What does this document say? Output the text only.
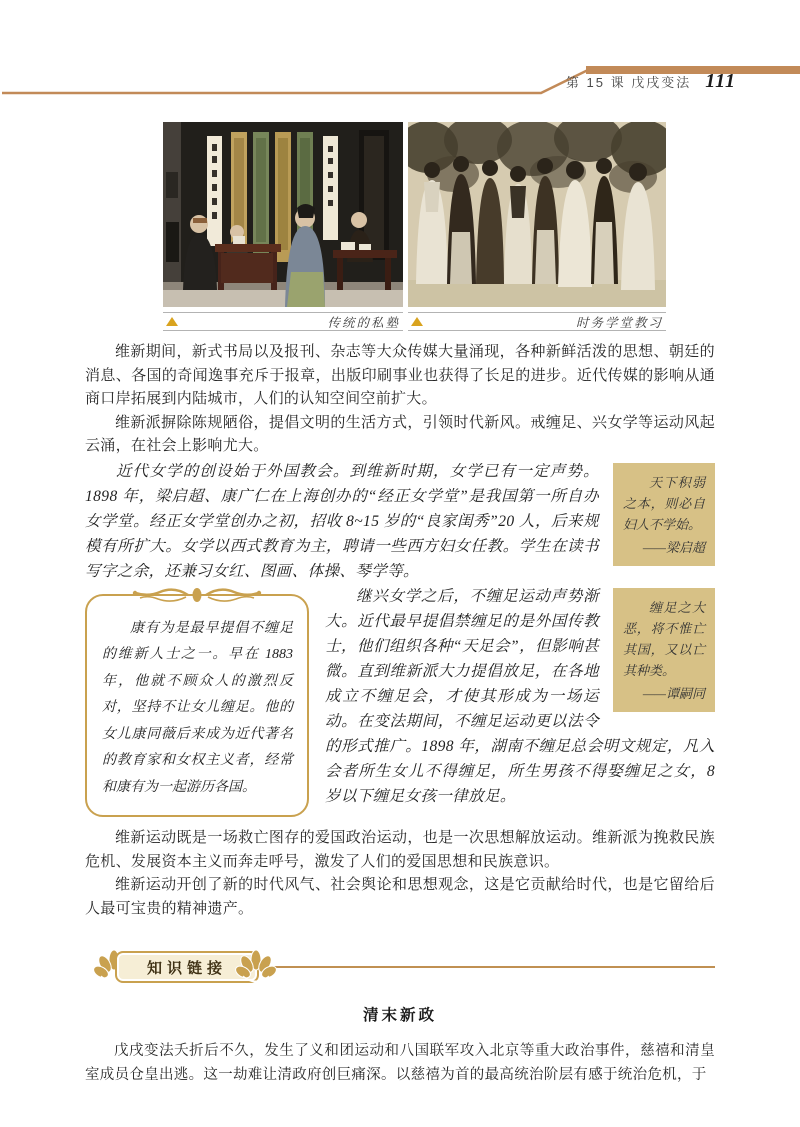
第 15 课 戊戌变法 111
传统的私塾	时务学堂教习

维新期间，新式书局以及报刊、杂志等大众传媒大量涌现，各种新鲜活泼的思想、朝廷的消息、各国的奇闻逸事充斥于报章，出版印刷事业也获得了长足的进步。近代传媒的影响从通商口岸拓展到内陆城市，人们的认知空间空前扩大。

维新派摒除陈规陋俗，提倡文明的生活方式，引领时代新风。戒缠足、兴女学等运动风起云涌，在社会上影响尤大。

天下积弱之本，则必自妇人不学始。
——梁启超

近代女学的创设始于外国教会。到维新时期，女学已有一定声势。1898 年，梁启超、康广仁在上海创办的“经正女学堂”是我国第一所自办女学堂。经正女学堂创办之初，招收 8~15 岁的“良家闺秀”20 人，后来规模有所扩大。女学以西式教育为主，聘请一些西方妇女任教。学生在读书写字之余，还兼习女红、图画、体操、琴学等。

缠足之大恶，将不惟亡其国，又以亡其种类。
——谭嗣同

康有为是最早提倡不缠足的维新人士之一。早在 1883 年，他就不顾众人的激烈反对，坚持不让女儿缠足。他的女儿康同薇后来成为近代著名的教育家和女权主义者，经常和康有为一起游历各国。

继兴女学之后，不缠足运动声势渐大。近代最早提倡禁缠足的是外国传教士，他们组织各种“天足会”，但影响甚微。直到维新派大力提倡放足，在各地成立不缠足会，才使其形成为一场运动。在变法期间，不缠足运动更以法令的形式推广。1898 年，湖南不缠足总会明文规定，凡入会者所生女儿不得缠足，所生男孩不得娶缠足之女，8 岁以下缠足女孩一律放足。

维新运动既是一场救亡图存的爱国政治运动，也是一次思想解放运动。维新派为挽救民族危机、发展资本主义而奔走呼号，激发了人们的爱国思想和民族意识。

维新运动开创了新的时代风气、社会舆论和思想观念，这是它贡献给时代，也是它留给后人最可宝贵的精神遗产。

知识链接
清末新政

戊戌变法夭折后不久，发生了义和团运动和八国联军攻入北京等重大政治事件，慈禧和清皇室成员仓皇出逃。这一劫难让清政府创巨痛深。以慈禧为首的最高统治阶层有感于统治危机，于
